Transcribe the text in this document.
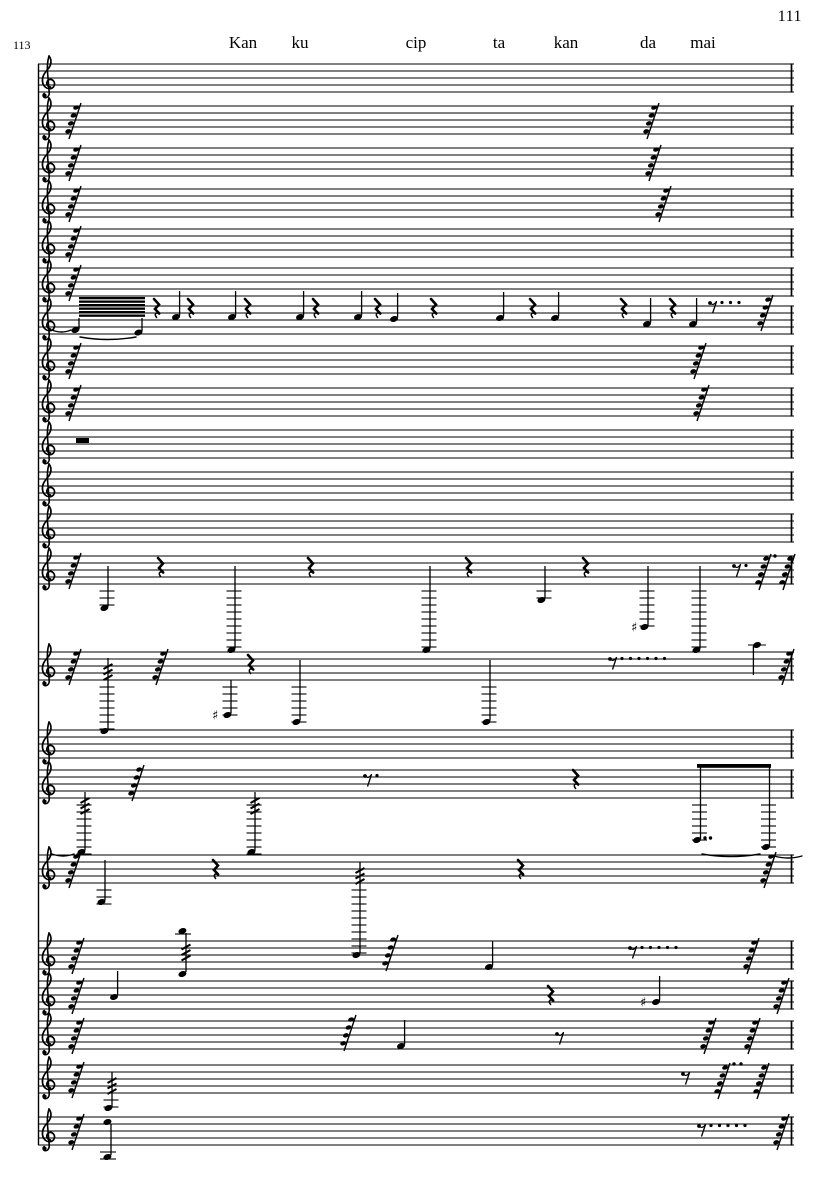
111
113	Kan ku	cip	ta	kan	da mai
♯
♯
♯
